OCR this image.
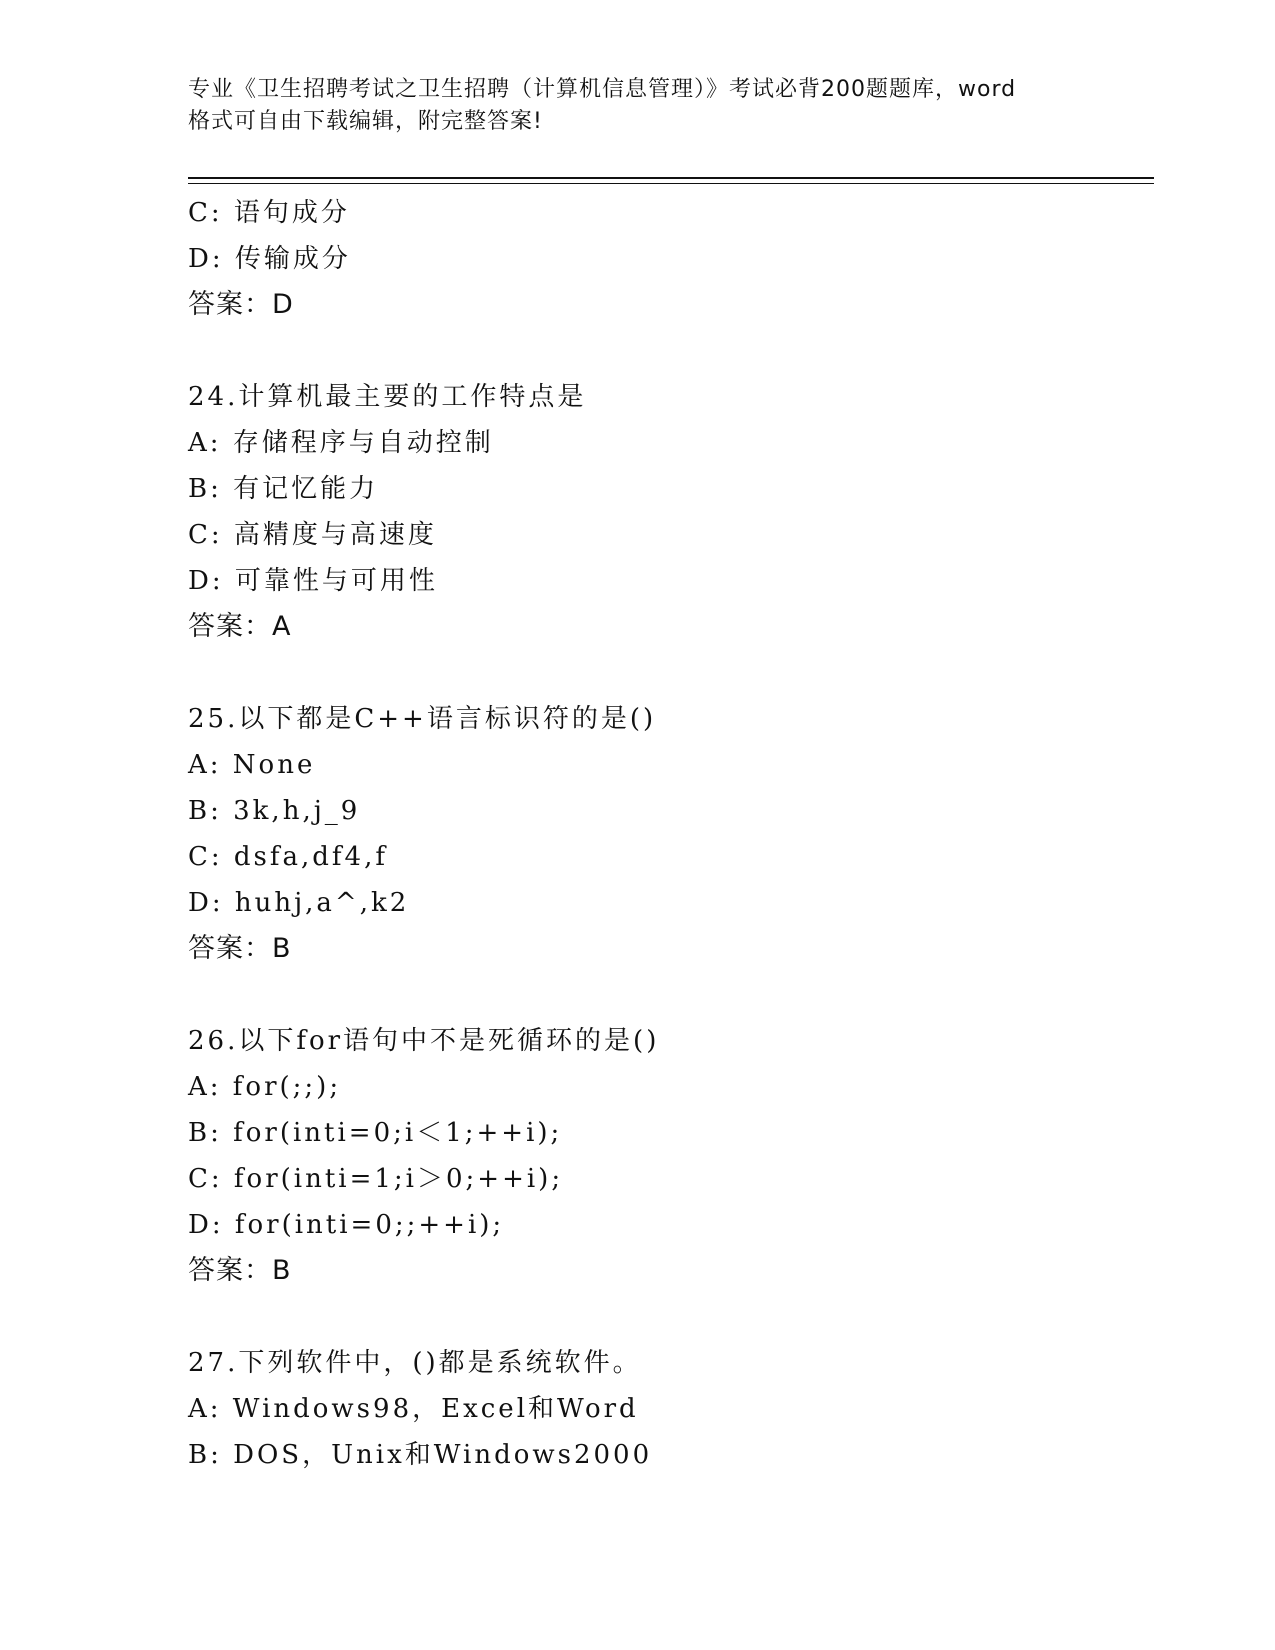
专业《卫生招聘考试之卫生招聘（计算机信息管理）》考试必背200题题库，word

格式可自由下载编辑，附完整答案!

C: 语句成分
D: 传输成分
答案：D
24.计算机最主要的工作特点是
A: 存储程序与自动控制
B: 有记忆能力
C: 高精度与高速度
D: 可靠性与可用性
答案：A
25.以下都是C++语言标识符的是()
A: None
B: 3k,h,j_9
C: dsfa,df4,f
D: huhj,a^,k2
答案：B
26.以下for语句中不是死循环的是()
A: for(;;);
B: for(inti=0;i＜1;++i);
C: for(inti=1;i＞0;++i);
D: for(inti=0;;++i);
答案：B
27.下列软件中，()都是系统软件。
A: Windows98，Excel和Word
B: DOS，Unix和Windows2000
